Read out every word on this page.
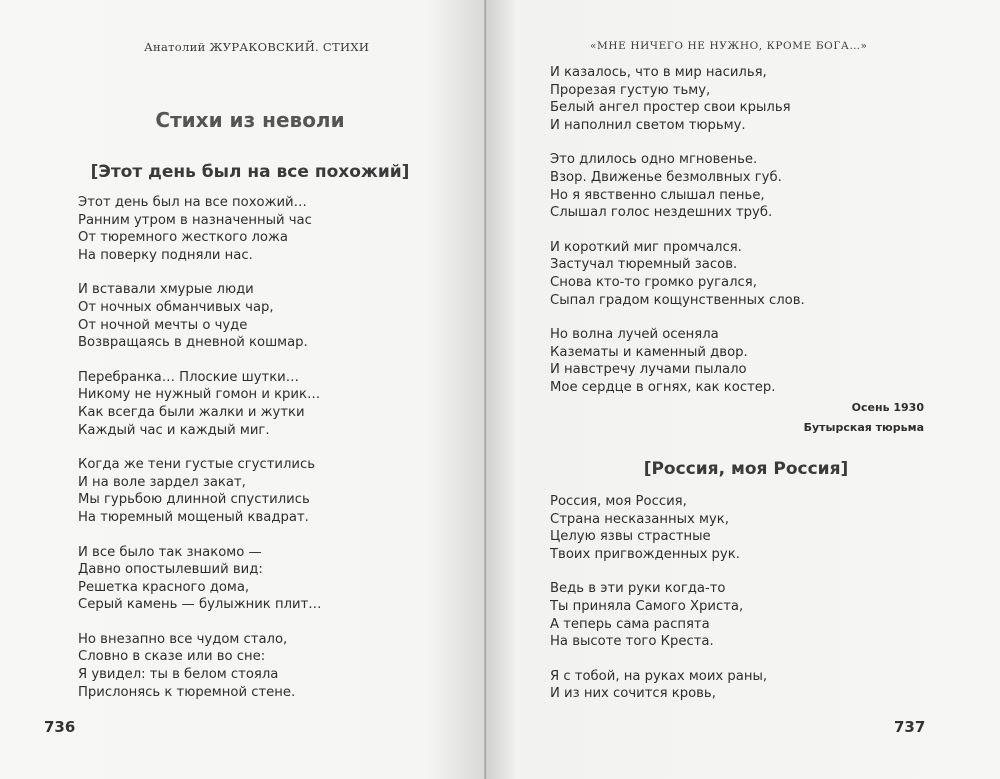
Анатолий ЖУРАКОВСКИЙ. СТИХИ
Стихи из неволи
[Этот день был на все похожий]
Этот день был на все похожий…
Ранним утром в назначенный час
От тюремного жесткого ложа
На поверку подняли нас.
И вставали хмурые люди
От ночных обманчивых чар,
От ночной мечты о чуде
Возвращаясь в дневной кошмар.
Перебранка… Плоские шутки…
Никому не нужный гомон и крик…
Как всегда были жалки и жутки
Каждый час и каждый миг.
Когда же тени густые сгустились
И на воле зардел закат,
Мы гурьбою длинной спустились
На тюремный мощеный квадрат.
И все было так знакомо —
Давно опостылевший вид:
Решетка красного дома,
Серый камень — булыжник плит…
Но внезапно все чудом стало,
Словно в сказе или во сне:
Я увидел: ты в белом стояла
Прислонясь к тюремной стене.
736
«МНЕ НИЧЕГО НЕ НУЖНО, КРОМЕ БОГА…»
И казалось, что в мир насилья,
Прорезая густую тьму,
Белый ангел простер свои крылья
И наполнил светом тюрьму.
Это длилось одно мгновенье.
Взор. Движенье безмолвных губ.
Но я явственно слышал пенье,
Слышал голос нездешних труб.
И короткий миг промчался.
Застучал тюремный засов.
Снова кто-то громко ругался,
Сыпал градом кощунственных слов.
Но волна лучей осеняла
Казематы и каменный двор.
И навстречу лучами пылало
Мое сердце в огнях, как костер.
Осень 1930
Бутырская тюрьма
[Россия, моя Россия]
Россия, моя Россия,
Страна несказанных мук,
Целую язвы страстные
Твоих пригвожденных рук.
Ведь в эти руки когда-то
Ты приняла Самого Христа,
А теперь сама распята
На высоте того Креста.
Я с тобой, на руках моих раны,
И из них сочится кровь,
737
